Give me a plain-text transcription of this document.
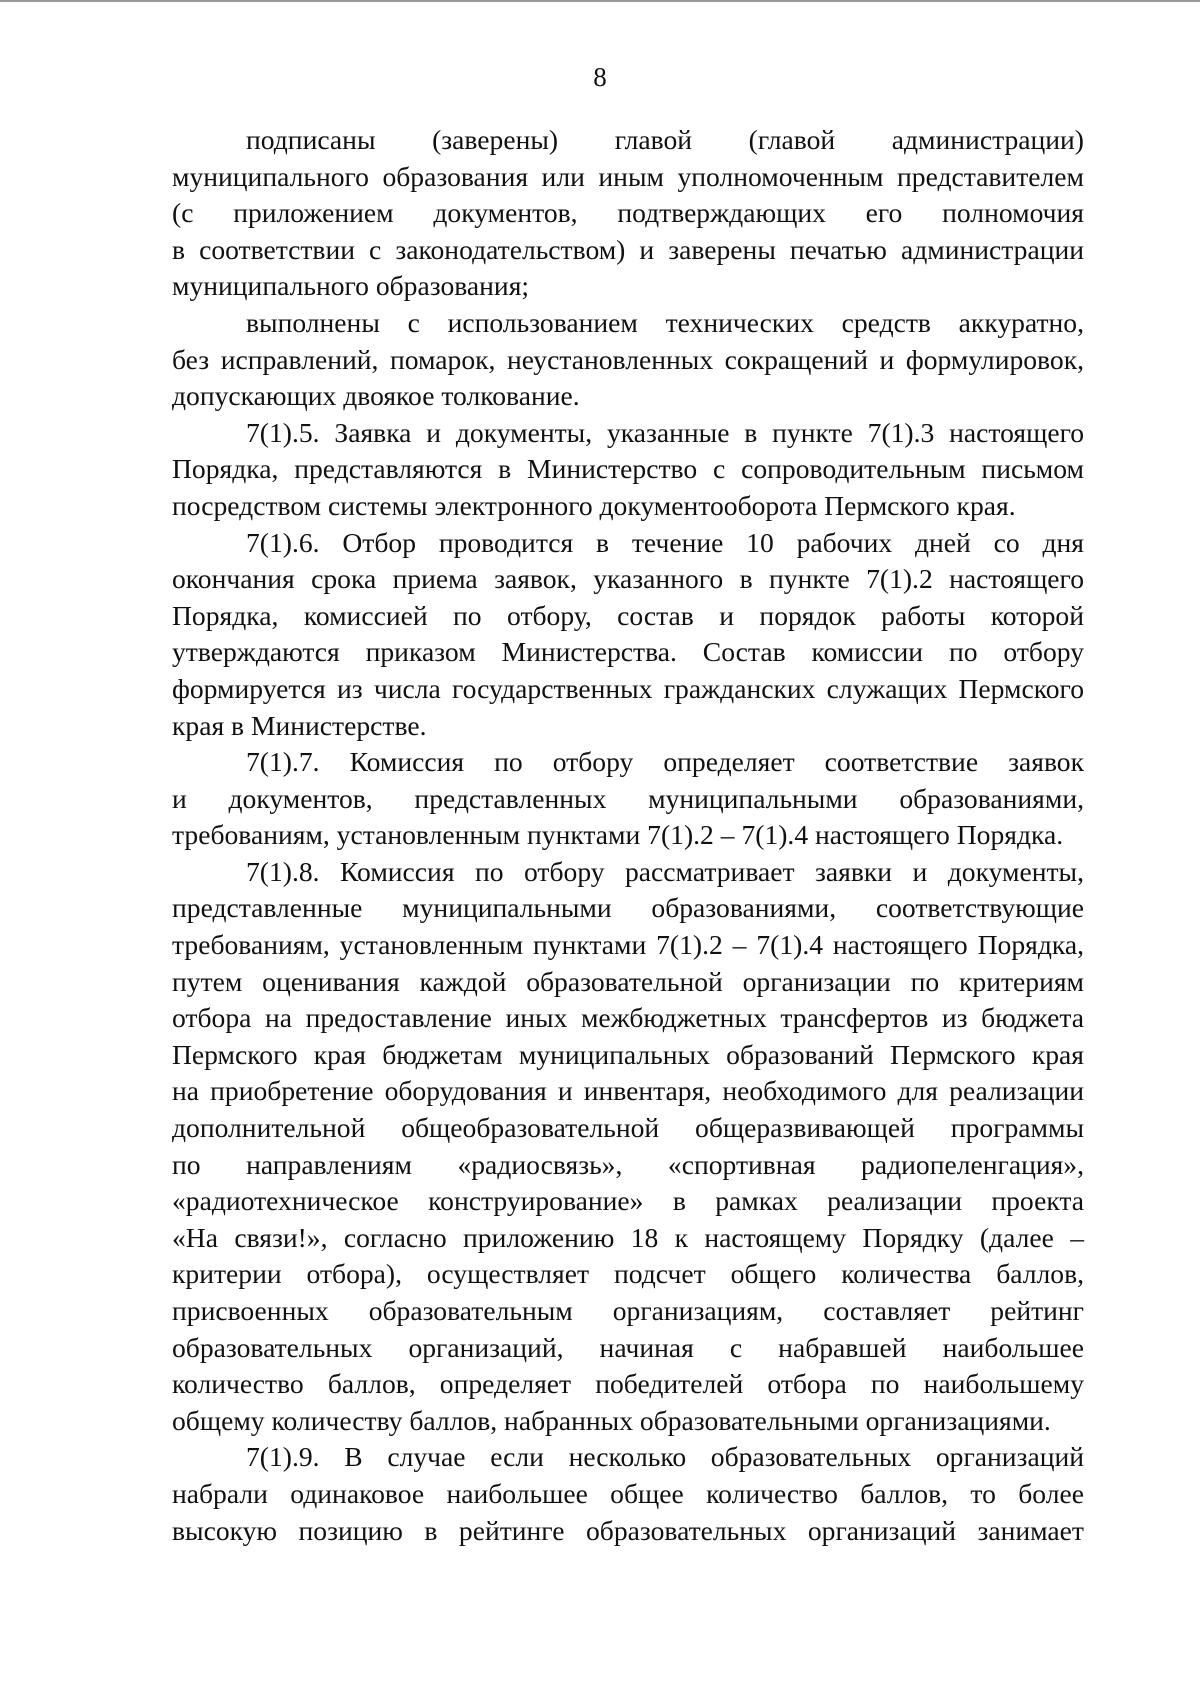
8
подписаны (заверены) главой (главой администрации)
муниципального образования или иным уполномоченным представителем
(с приложением документов, подтверждающих его полномочия
в соответствии с законодательством) и заверены печатью администрации
муниципального образования;
выполнены с использованием технических средств аккуратно,
без исправлений, помарок, неустановленных сокращений и формулировок,
допускающих двоякое толкование.
7(1).5. Заявка и документы, указанные в пункте 7(1).3 настоящего
Порядка, представляются в Министерство с сопроводительным письмом
посредством системы электронного документооборота Пермского края.
7(1).6. Отбор проводится в течение 10 рабочих дней со дня
окончания срока приема заявок, указанного в пункте 7(1).2 настоящего
Порядка, комиссией по отбору, состав и порядок работы которой
утверждаются приказом Министерства. Состав комиссии по отбору
формируется из числа государственных гражданских служащих Пермского
края в Министерстве.
7(1).7. Комиссия по отбору определяет соответствие заявок
и документов, представленных муниципальными образованиями,
требованиям, установленным пунктами 7(1).2 – 7(1).4 настоящего Порядка.
7(1).8. Комиссия по отбору рассматривает заявки и документы,
представленные муниципальными образованиями, соответствующие
требованиям, установленным пунктами 7(1).2 – 7(1).4 настоящего Порядка,
путем оценивания каждой образовательной организации по критериям
отбора на предоставление иных межбюджетных трансфертов из бюджета
Пермского края бюджетам муниципальных образований Пермского края
на приобретение оборудования и инвентаря, необходимого для реализации
дополнительной общеобразовательной общеразвивающей программы
по направлениям «радиосвязь», «спортивная радиопеленгация»,
«радиотехническое конструирование» в рамках реализации проекта
«На связи!», согласно приложению 18 к настоящему Порядку (далее –
критерии отбора), осуществляет подсчет общего количества баллов,
присвоенных образовательным организациям, составляет рейтинг
образовательных организаций, начиная с набравшей наибольшее
количество баллов, определяет победителей отбора по наибольшему
общему количеству баллов, набранных образовательными организациями.
7(1).9. В случае если несколько образовательных организаций
набрали одинаковое наибольшее общее количество баллов, то более
высокую позицию в рейтинге образовательных организаций занимает
